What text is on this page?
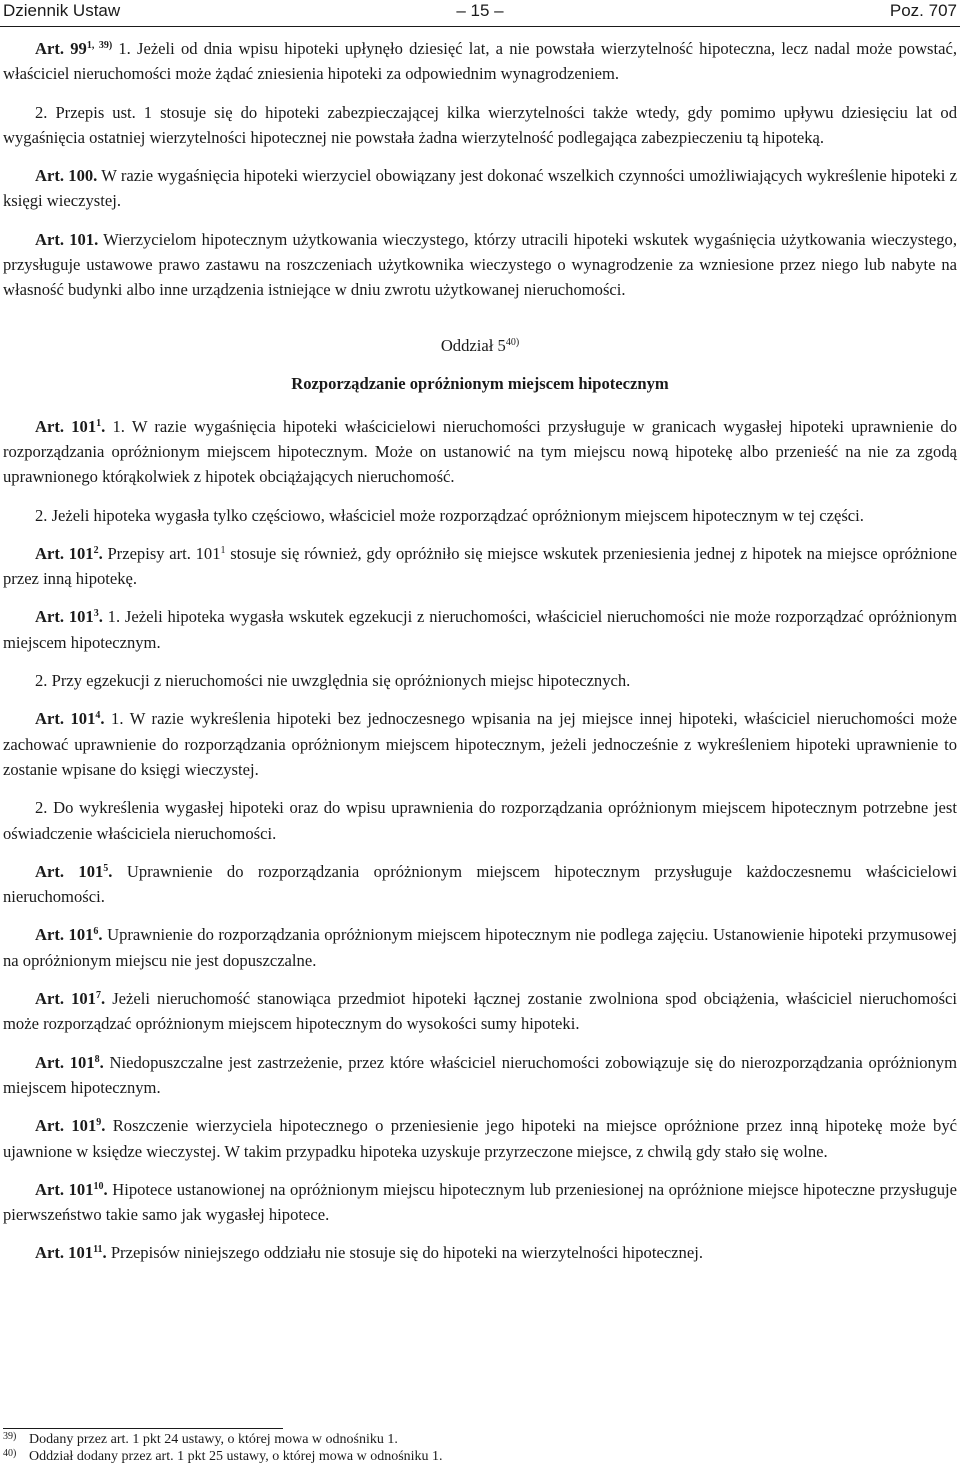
Dziennik Ustaw	– 15 –	Poz. 707

Art. 99$^{1, 39)}$ 1. Jeżeli od dnia wpisu hipoteki upłynęło dziesięć lat, a nie powstała wierzytelność hipoteczna, lecz nadal może powstać, właściciel nieruchomości może żądać zniesienia hipoteki za odpowiednim wynagrodzeniem.

2. Przepis ust. 1 stosuje się do hipoteki zabezpieczającej kilka wierzytelności także wtedy, gdy pomimo upływu dziesięciu lat od wygaśnięcia ostatniej wierzytelności hipotecznej nie powstała żadna wierzytelność podlegająca zabezpieczeniu tą hipoteką.

Art. 100. W razie wygaśnięcia hipoteki wierzyciel obowiązany jest dokonać wszelkich czynności umożliwiających wykreślenie hipoteki z księgi wieczystej.

Art. 101. Wierzycielom hipotecznym użytkowania wieczystego, którzy utracili hipoteki wskutek wygaśnięcia użytkowania wieczystego, przysługuje ustawowe prawo zastawu na roszczeniach użytkownika wieczystego o wynagrodzenie za wzniesione przez niego lub nabyte na własność budynki albo inne urządzenia istniejące w dniu zwrotu użytkowanej nieruchomości.

Oddział 5$^{40)}$
Rozporządzanie opróżnionym miejscem hipotecznym

Art. $101^1$. 1. W razie wygaśnięcia hipoteki właścicielowi nieruchomości przysługuje w granicach wygasłej hipoteki uprawnienie do rozporządzania opróżnionym miejscem hipotecznym. Może on ustanowić na tym miejscu nową hipotekę albo przenieść na nie za zgodą uprawnionego którąkolwiek z hipotek obciążających nieruchomość.

2. Jeżeli hipoteka wygasła tylko częściowo, właściciel może rozporządzać opróżnionym miejscem hipotecznym w tej części.

Art. $101^2$. Przepisy art. $101^1$ stosuje się również, gdy opróżniło się miejsce wskutek przeniesienia jednej z hipotek na miejsce opróżnione przez inną hipotekę.

Art. $101^3$. 1. Jeżeli hipoteka wygasła wskutek egzekucji z nieruchomości, właściciel nieruchomości nie może rozporządzać opróżnionym miejscem hipotecznym.

2. Przy egzekucji z nieruchomości nie uwzględnia się opróżnionych miejsc hipotecznych.

Art. $101^4$. 1. W razie wykreślenia hipoteki bez jednoczesnego wpisania na jej miejsce innej hipoteki, właściciel nieruchomości może zachować uprawnienie do rozporządzania opróżnionym miejscem hipotecznym, jeżeli jednocześnie z wykreśleniem hipoteki uprawnienie to zostanie wpisane do księgi wieczystej.

2. Do wykreślenia wygasłej hipoteki oraz do wpisu uprawnienia do rozporządzania opróżnionym miejscem hipotecznym potrzebne jest oświadczenie właściciela nieruchomości.

Art. $101^5$. Uprawnienie do rozporządzania opróżnionym miejscem hipotecznym przysługuje każdoczesnemu właścicielowi nieruchomości.

Art. $101^6$. Uprawnienie do rozporządzania opróżnionym miejscem hipotecznym nie podlega zajęciu. Ustanowienie hipoteki przymusowej na opróżnionym miejscu nie jest dopuszczalne.

Art. $101^7$. Jeżeli nieruchomość stanowiąca przedmiot hipoteki łącznej zostanie zwolniona spod obciążenia, właściciel nieruchomości może rozporządzać opróżnionym miejscem hipotecznym do wysokości sumy hipoteki.

Art. $101^8$. Niedopuszczalne jest zastrzeżenie, przez które właściciel nieruchomości zobowiązuje się do nierozporządzania opróżnionym miejscem hipotecznym.

Art. $101^9$. Roszczenie wierzyciela hipotecznego o przeniesienie jego hipoteki na miejsce opróżnione przez inną hipotekę może być ujawnione w księdze wieczystej. W takim przypadku hipoteka uzyskuje przyrzeczone miejsce, z chwilą gdy stało się wolne.

Art. $101^{10}$. Hipotece ustanowionej na opróżnionym miejscu hipotecznym lub przeniesionej na opróżnione miejsce hipoteczne przysługuje pierwszeństwo takie samo jak wygasłej hipotece.

Art. $101^{11}$. Przepisów niniejszego oddziału nie stosuje się do hipoteki na wierzytelności hipotecznej.

39) Dodany przez art. 1 pkt 24 ustawy, o której mowa w odnośniku 1.
40) Oddział dodany przez art. 1 pkt 25 ustawy, o której mowa w odnośniku 1.
